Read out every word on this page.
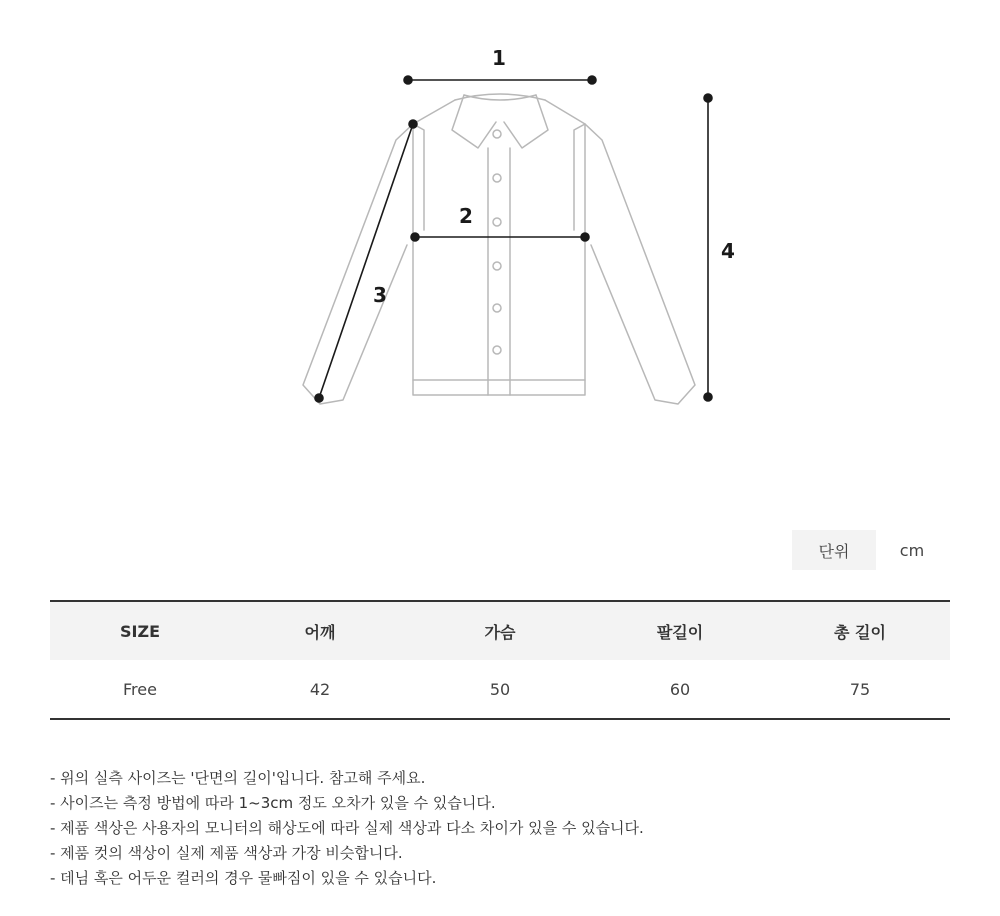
1
2
3
4
단위	cm
SIZE	어깨	가슴	팔길이	총 길이
Free	42	50	60	75
- 위의 실측 사이즈는 '단면의 길이'입니다. 참고해 주세요.
- 사이즈는 측정 방법에 따라 1~3cm 정도 오차가 있을 수 있습니다.
- 제품 색상은 사용자의 모니터의 해상도에 따라 실제 색상과 다소 차이가 있을 수 있습니다.
- 제품 컷의 색상이 실제 제품 색상과 가장 비슷합니다.
- 데님 혹은 어두운 컬러의 경우 물빠짐이 있을 수 있습니다.
